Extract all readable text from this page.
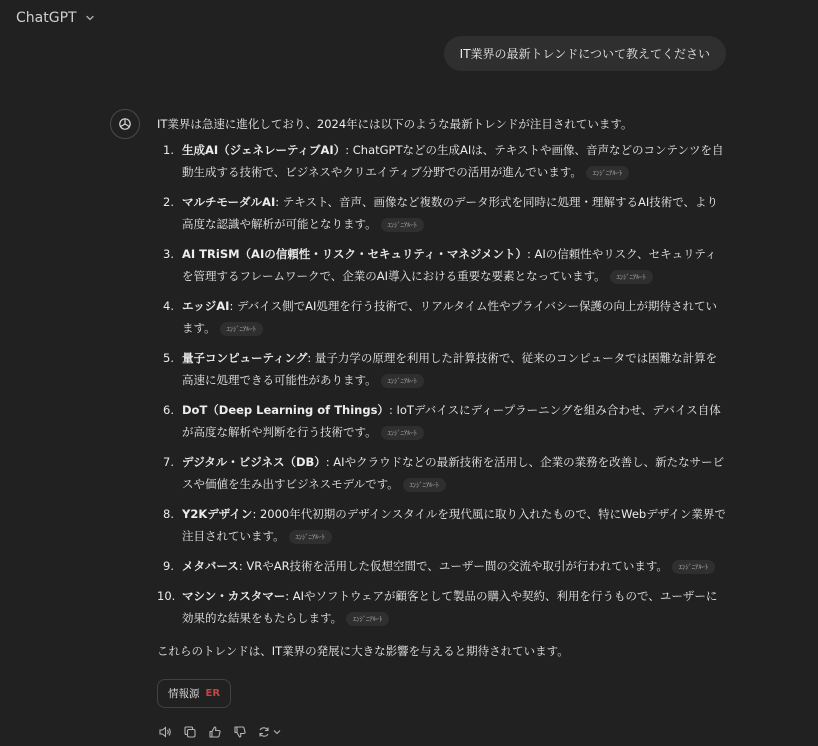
ChatGPT
IT業界の最新トレンドについて教えてください

IT業界は急速に進化しており、2024年には以下のような最新トレンドが注目されています。

1. 生成AI（ジェネレーティブAI）: ChatGPTなどの生成AIは、テキストや画像、音声などのコンテンツを自動生成する技術で、ビジネスやクリエイティブ分野での活用が進んでいます。 ｴﾝｼﾞﾆｱﾙｰﾄ
2. マルチモーダルAI: テキスト、音声、画像など複数のデータ形式を同時に処理・理解するAI技術で、より高度な認識や解析が可能となります。 ｴﾝｼﾞﾆｱﾙｰﾄ
3. AI TRiSM（AIの信頼性・リスク・セキュリティ・マネジメント）: AIの信頼性やリスク、セキュリティを管理するフレームワークで、企業のAI導入における重要な要素となっています。 ｴﾝｼﾞﾆｱﾙｰﾄ
4. エッジAI: デバイス側でAI処理を行う技術で、リアルタイム性やプライバシー保護の向上が期待されています。 ｴﾝｼﾞﾆｱﾙｰﾄ
5. 量子コンピューティング: 量子力学の原理を利用した計算技術で、従来のコンピュータでは困難な計算を高速に処理できる可能性があります。 ｴﾝｼﾞﾆｱﾙｰﾄ
6. DoT（Deep Learning of Things）: IoTデバイスにディープラーニングを組み合わせ、デバイス自体が高度な解析や判断を行う技術です。 ｴﾝｼﾞﾆｱﾙｰﾄ
7. デジタル・ビジネス（DB）: AIやクラウドなどの最新技術を活用し、企業の業務を改善し、新たなサービスや価値を生み出すビジネスモデルです。 ｴﾝｼﾞﾆｱﾙｰﾄ
8. Y2Kデザイン: 2000年代初期のデザインスタイルを現代風に取り入れたもので、特にWebデザイン業界で注目されています。 ｴﾝｼﾞﾆｱﾙｰﾄ
9. メタバース: VRやAR技術を活用した仮想空間で、ユーザー間の交流や取引が行われています。 ｴﾝｼﾞﾆｱﾙｰﾄ
10. マシン・カスタマー: AIやソフトウェアが顧客として製品の購入や契約、利用を行うもので、ユーザーに効果的な結果をもたらします。 ｴﾝｼﾞﾆｱﾙｰﾄ

これらのトレンドは、IT業界の発展に大きな影響を与えると期待されています。

情報源 ER
